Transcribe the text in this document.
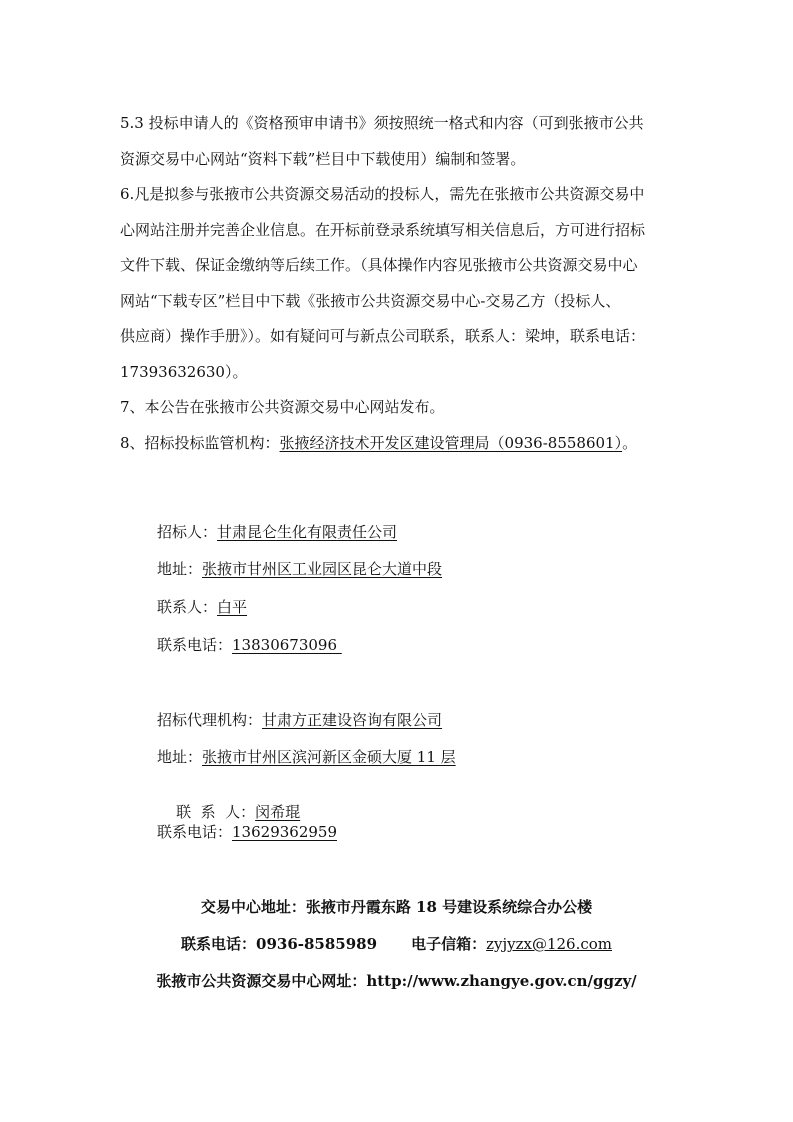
5.3 投标申请人的《资格预审申请书》须按照统一格式和内容（可到张掖市公共
资源交易中心网站“资料下载”栏目中下载使用）编制和签署。
6.凡是拟参与张掖市公共资源交易活动的投标人，需先在张掖市公共资源交易中
心网站注册并完善企业信息。在开标前登录系统填写相关信息后，方可进行招标
文件下载、保证金缴纳等后续工作。（具体操作内容见张掖市公共资源交易中心
网站“下载专区”栏目中下载《张掖市公共资源交易中心-交易乙方（投标人、
供应商）操作手册》）。如有疑问可与新点公司联系，联系人：梁坤，联系电话：
17393632630）。
7、本公告在张掖市公共资源交易中心网站发布。
8、招标投标监管机构：张掖经济技术开发区建设管理局（0936-8558601）。
招标人：甘肃昆仑生化有限责任公司
地址：张掖市甘州区工业园区昆仑大道中段
联系人：白平
联系电话：13830673096
招标代理机构：甘肃方正建设咨询有限公司
地址：张掖市甘州区滨河新区金硕大厦 11 层

联  系  人：闵希琨

联系电话：13629362959
交易中心地址：张掖市丹霞东路 18 号建设系统综合办公楼
联系电话：0936-8585989 电子信箱：zyjyzx@126.com
张掖市公共资源交易中心网址：http://www.zhangye.gov.cn/ggzy/
